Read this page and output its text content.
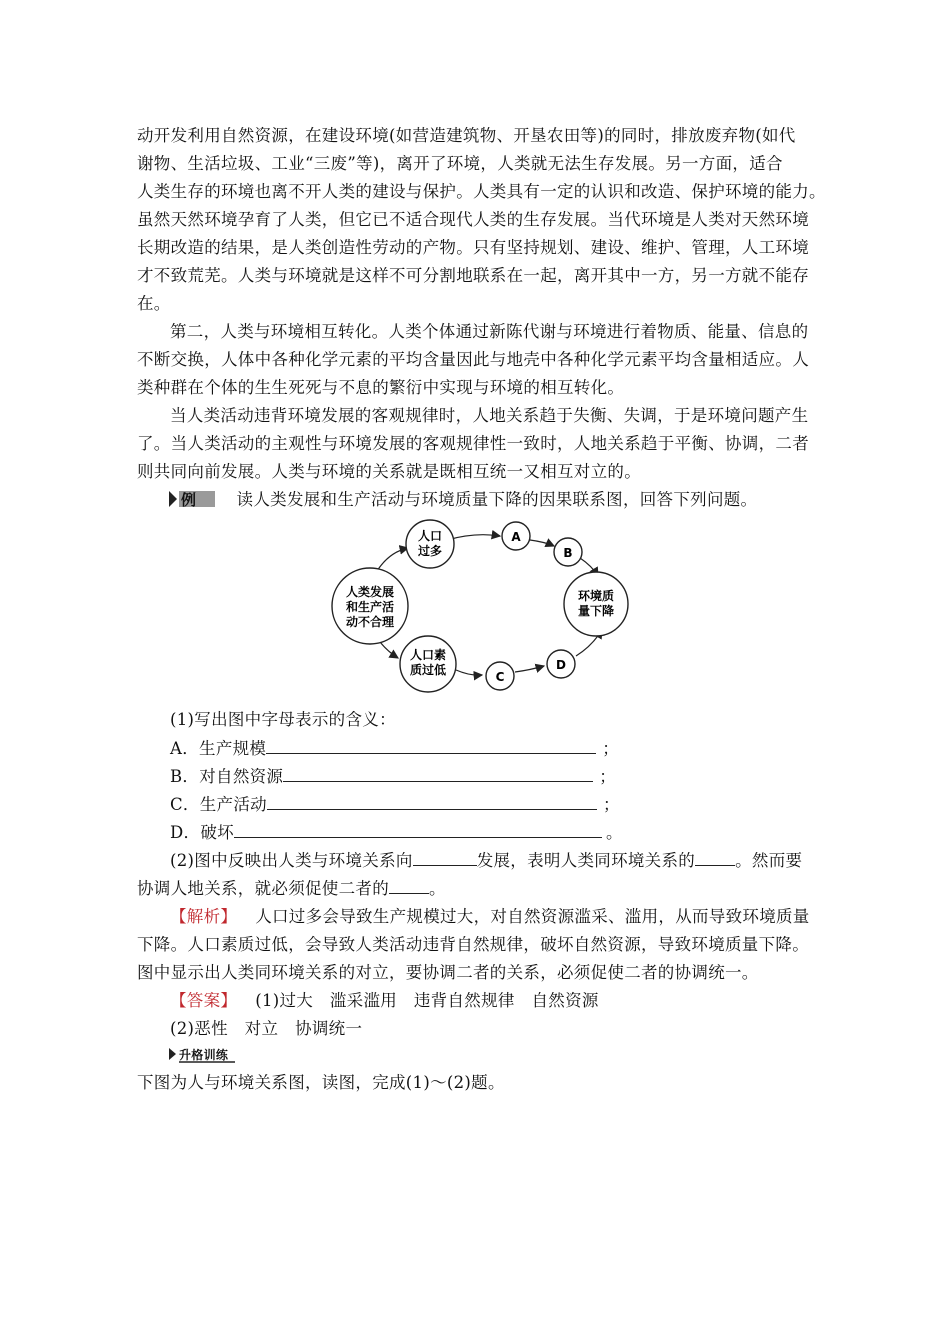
动开发利用自然资源，在建设环境(如营造建筑物、开垦农田等)的同时，排放废弃物(如代
谢物、生活垃圾、工业“三废”等)，离开了环境，人类就无法生存发展。另一方面，适合
人类生存的环境也离不开人类的建设与保护。人类具有一定的认识和改造、保护环境的能力。
虽然天然环境孕育了人类，但它已不适合现代人类的生存发展。当代环境是人类对天然环境
长期改造的结果，是人类创造性劳动的产物。只有坚持规划、建设、维护、管理，人工环境
才不致荒芜。人类与环境就是这样不可分割地联系在一起，离开其中一方，另一方就不能存
在。
第二，人类与环境相互转化。人类个体通过新陈代谢与环境进行着物质、能量、信息的
不断交换，人体中各种化学元素的平均含量因此与地壳中各种化学元素平均含量相适应。人
类种群在个体的生生死死与不息的繁衍中实现与环境的相互转化。
当人类活动违背环境发展的客观规律时，人地关系趋于失衡、失调，于是环境问题产生
了。当人类活动的主观性与环境发展的客观规律性一致时，人地关系趋于平衡、协调，二者
则共同向前发展。人类与环境的关系就是既相互统一又相互对立的。
例 读人类发展和生产活动与环境质量下降的因果联系图，回答下列问题。
人类发展
和生产活
动不合理
人口
过多
A
B
环境质
量下降
人口素
质过低	C
D
(1)写出图中字母表示的含义：
A．生产规模	；
B．对自然资源	；
C．生产活动	；
D．破坏	。
(2)图中反映出人类与环境关系向	发展，表明人类同环境关系的 。然而要
协调人地关系，就必须促使二者的 。
【解析】 人口过多会导致生产规模过大，对自然资源滥采、滥用，从而导致环境质量
下降。人口素质过低，会导致人类活动违背自然规律，破坏自然资源，导致环境质量下降。
图中显示出人类同环境关系的对立，要协调二者的关系，必须促使二者的协调统一。
【答案】 (1)过大　滥采滥用　违背自然规律　自然资源
(2)恶性　对立　协调统一
升格训练
下图为人与环境关系图，读图，完成(1)～(2)题。
